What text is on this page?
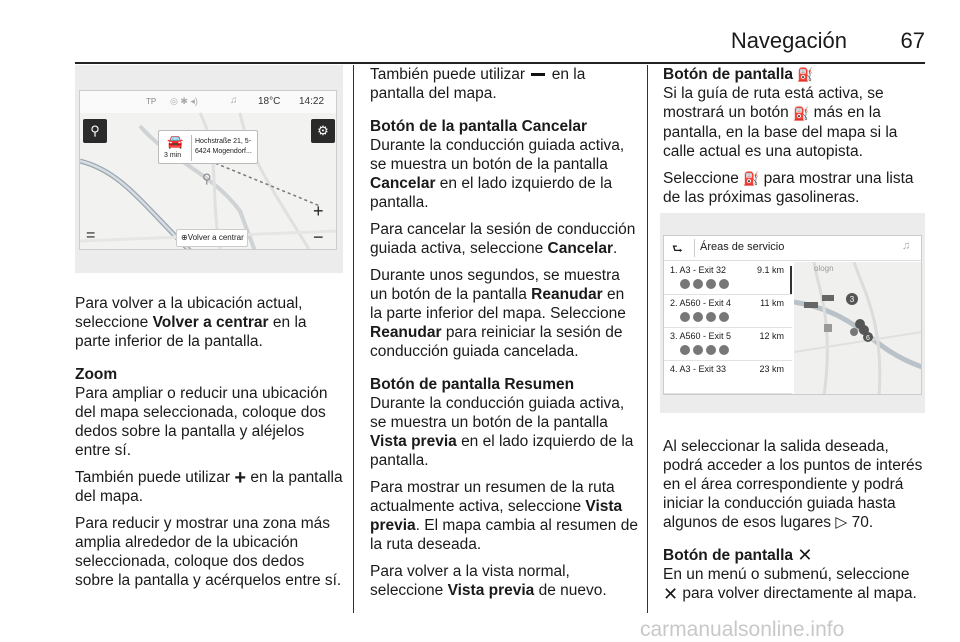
Navegación 67
TP ◎ ✱ ◂)	♫ 18°C 14:22
⚲	⚙
🚘
3 min
Hochstraße 21, 5-
6424 Mogendorf...
⚲
+
−
=	⊕Volver a centrar

Para volver a la ubicación actual, seleccione Volver a centrar en la parte inferior de la pantalla.

Zoom

Para ampliar o reducir una ubicación del mapa seleccionada, coloque dos dedos sobre la pantalla y aléjelos entre sí.

También puede utilizar + en la pantalla del mapa.

Para reducir y mostrar una zona más amplia alrededor de la ubicación seleccionada, coloque dos dedos sobre la pantalla y acérquelos entre sí.

También puede utilizar en la pantalla del mapa.

Botón de la pantalla Cancelar

Durante la conducción guiada activa, se muestra un botón de la pantalla Cancelar en el lado izquierdo de la pantalla.

Para cancelar la sesión de conducción guiada activa, seleccione Cancelar.

Durante unos segundos, se muestra un botón de la pantalla Reanudar en la parte inferior del mapa. Seleccione Reanudar para reiniciar la sesión de conducción guiada cancelada.

Botón de pantalla Resumen

Durante la conducción guiada activa, se muestra un botón de la pantalla Vista previa en el lado izquierdo de la pantalla.

Para mostrar un resumen de la ruta actualmente activa, seleccione Vista previa. El mapa cambia al resumen de la ruta deseada.

Para volver a la vista normal, seleccione Vista previa de nuevo.

Botón de pantalla ⛽

Si la guía de ruta está activa, se mostrará un botón ⛽ más en la pantalla, en la base del mapa si la calle actual es una autopista.

Seleccione ⛽ para mostrar una lista de las próximas gasolineras.

⮑ Áreas de servicio	♫
1. A3 - Exit 32	9.1 km
2. A560 - Exit 4	11 km
3. A560 - Exit 5	12 km
4. A3 - Exit 33	23 km
3
6
ologn

Al seleccionar la salida deseada, podrá acceder a los puntos de interés en el área correspondiente y podrá iniciar la conducción guiada hasta algunos de esos lugares ▷ 70.

Botón de pantalla ✕

En un menú o submenú, seleccione ✕ para volver directamente al mapa.

carmanualsonline.info
